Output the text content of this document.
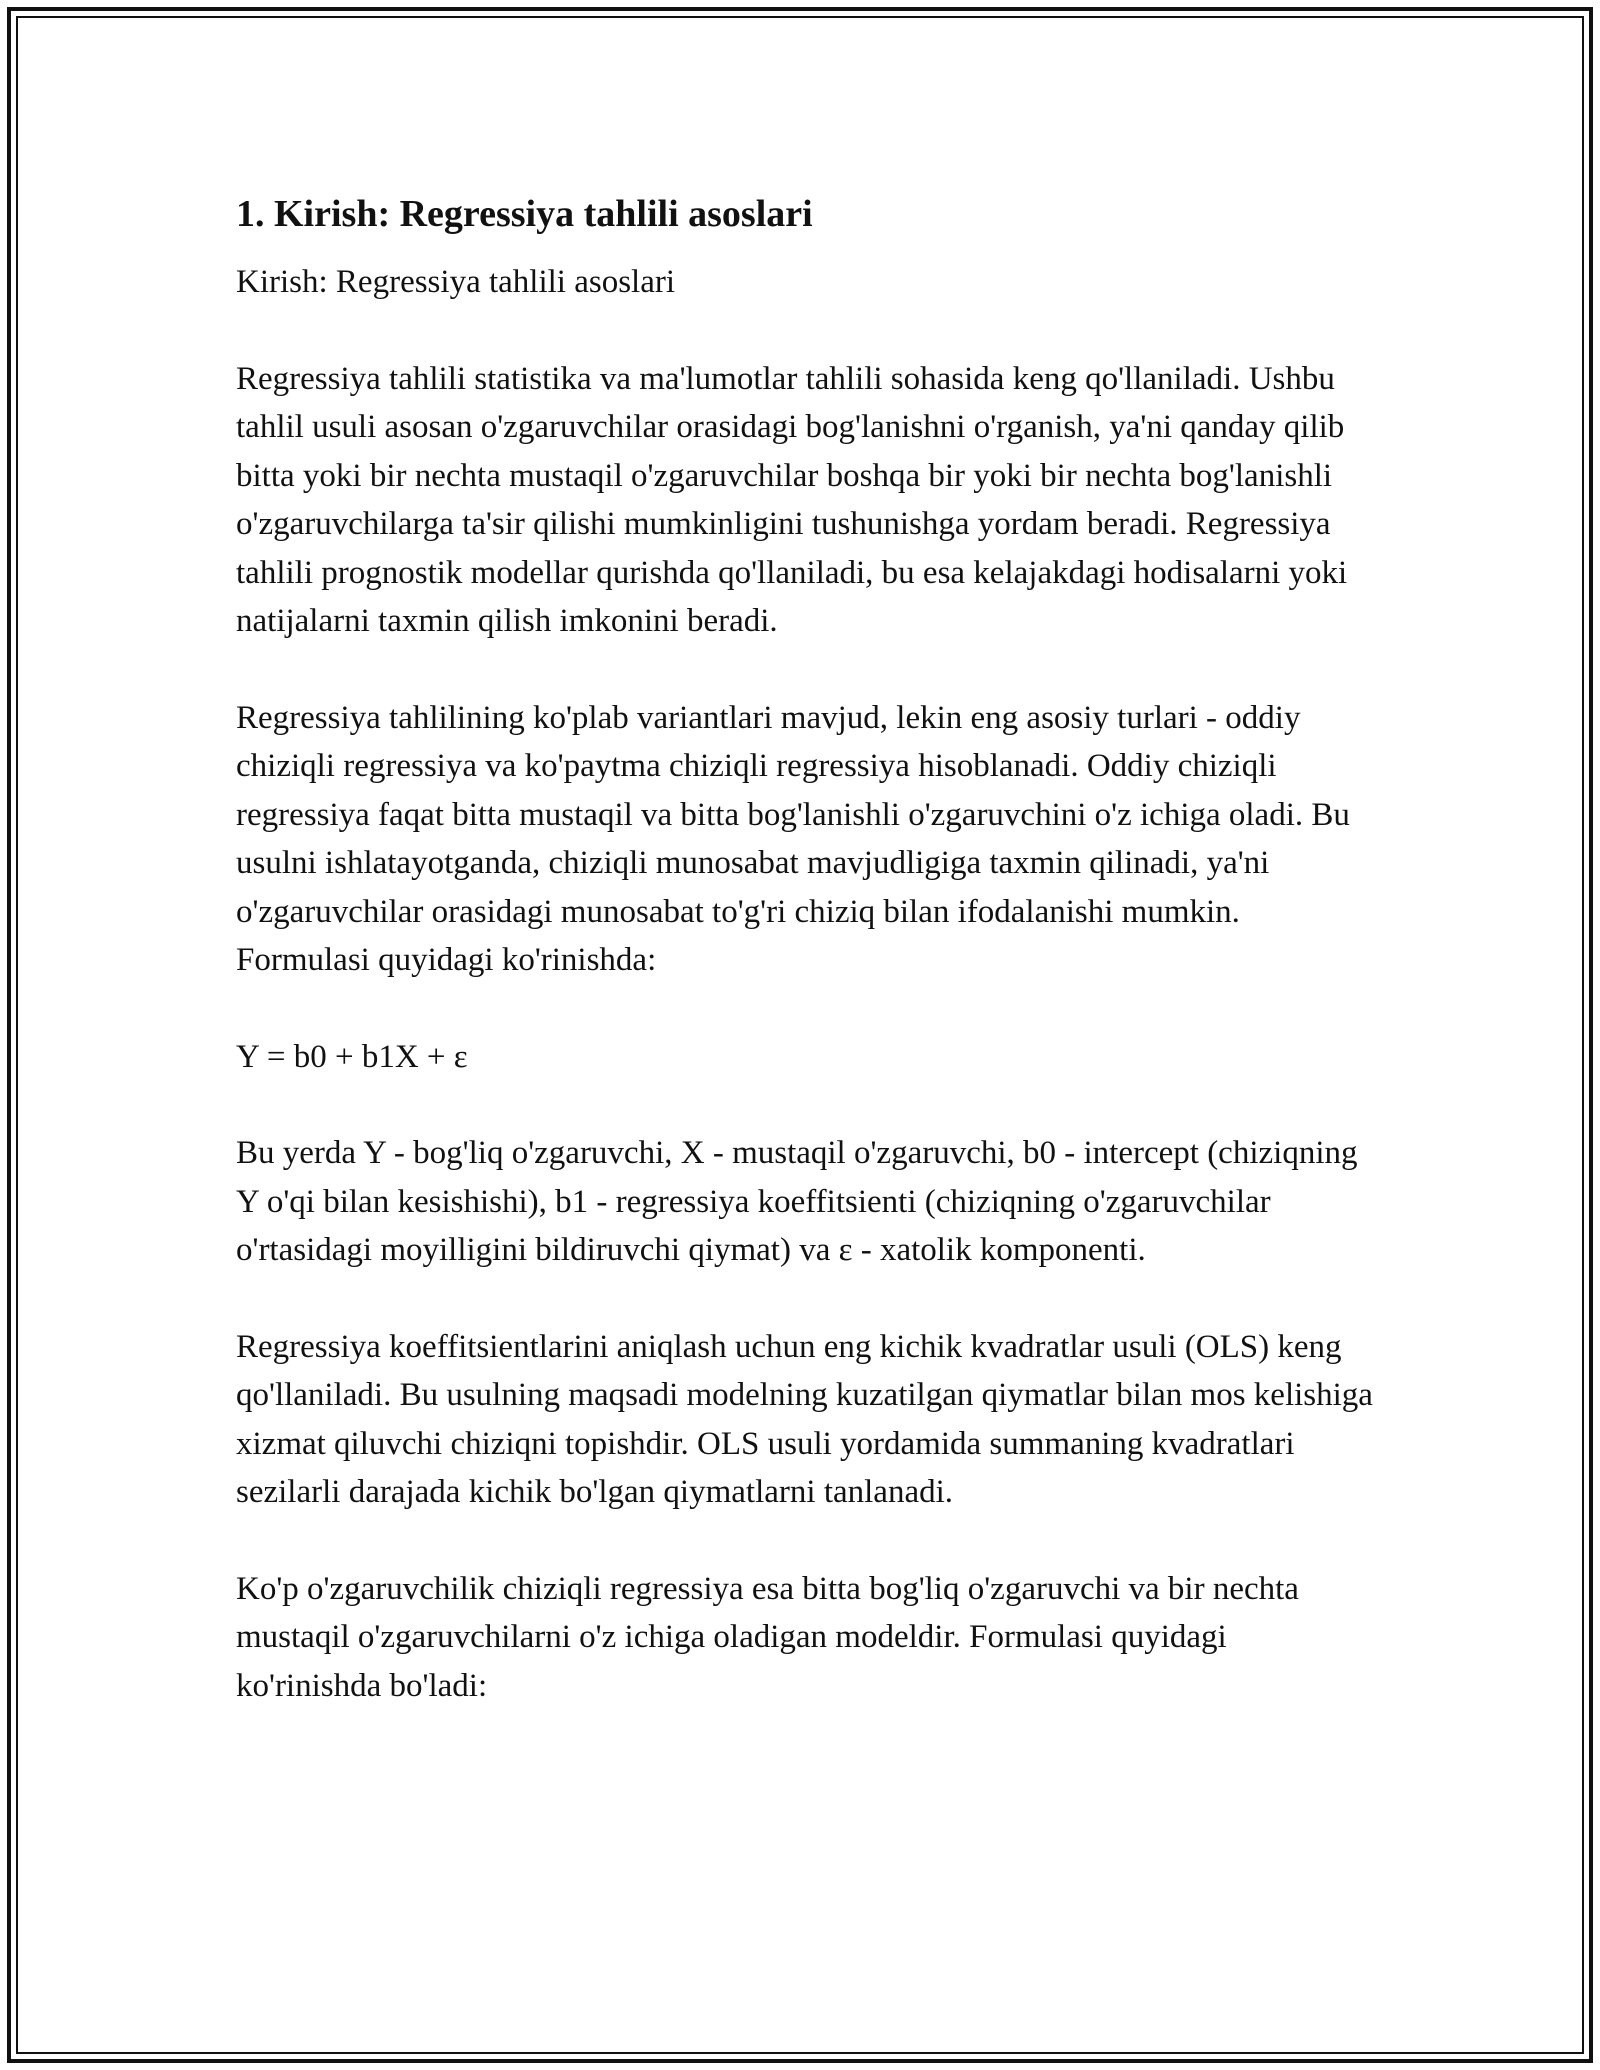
1. Kirish: Regressiya tahlili asoslari

Kirish: Regressiya tahlili asoslari

Regressiya tahlili statistika va ma'lumotlar tahlili sohasida keng qo'llaniladi. Ushbu tahlil usuli asosan o'zgaruvchilar orasidagi bog'lanishni o'rganish, ya'ni qanday qilib bitta yoki bir nechta mustaqil o'zgaruvchilar boshqa bir yoki bir nechta bog'lanishli o'zgaruvchilarga ta'sir qilishi mumkinligini tushunishga yordam beradi. Regressiya tahlili prognostik modellar qurishda qo'llaniladi, bu esa kelajakdagi hodisalarni yoki natijalarni taxmin qilish imkonini beradi.

Regressiya tahlilining ko'plab variantlari mavjud, lekin eng asosiy turlari - oddiy chiziqli regressiya va ko'paytma chiziqli regressiya hisoblanadi. Oddiy chiziqli regressiya faqat bitta mustaqil va bitta bog'lanishli o'zgaruvchini o'z ichiga oladi. Bu usulni ishlatayotganda, chiziqli munosabat mavjudligiga taxmin qilinadi, ya'ni o'zgaruvchilar orasidagi munosabat to'g'ri chiziq bilan ifodalanishi mumkin. Formulasi quyidagi ko'rinishda:

Y = b0 + b1X + ε

Bu yerda Y - bog'liq o'zgaruvchi, X - mustaqil o'zgaruvchi, b0 - intercept (chiziqning Y o'qi bilan kesishishi), b1 - regressiya koeffitsienti (chiziqning o'zgaruvchilar o'rtasidagi moyilligini bildiruvchi qiymat) va ε - xatolik komponenti.

Regressiya koeffitsientlarini aniqlash uchun eng kichik kvadratlar usuli (OLS) keng qo'llaniladi. Bu usulning maqsadi modelning kuzatilgan qiymatlar bilan mos kelishiga xizmat qiluvchi chiziqni topishdir. OLS usuli yordamida summaning kvadratlari sezilarli darajada kichik bo'lgan qiymatlarni tanlanadi.

Ko'p o'zgaruvchilik chiziqli regressiya esa bitta bog'liq o'zgaruvchi va bir nechta mustaqil o'zgaruvchilarni o'z ichiga oladigan modeldir. Formulasi quyidagi ko'rinishda bo'ladi:
